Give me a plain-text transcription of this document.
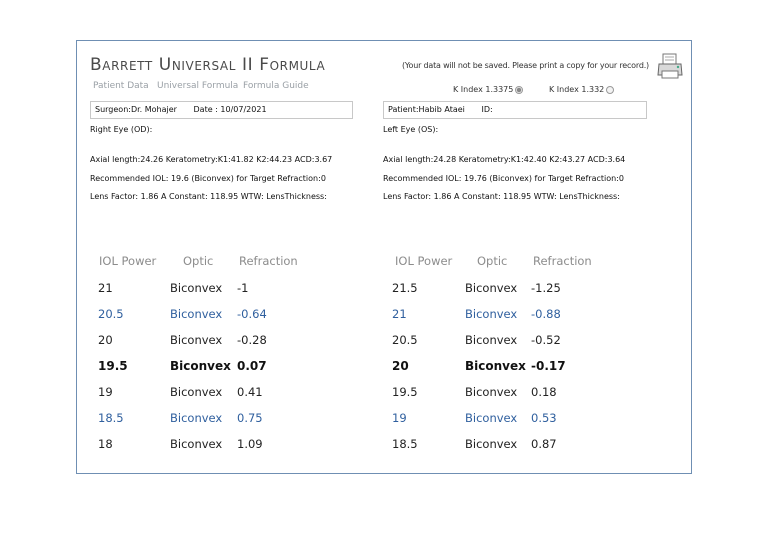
Barrett Universal II Formula
Patient Data Universal Formula Formula Guide
(Your data will not be saved. Please print a copy for your record.)
K Index 1.3375	K Index 1.332
Surgeon:Dr. Mohajer Date : 10/07/2021	Patient:Habib Ataei ID:
Right Eye (OD):
Axial length:24.26 Keratometry:K1:41.82 K2:44.23 ACD:3.67
Recommended IOL: 19.6 (Biconvex) for Target Refraction:0
Lens Factor: 1.86 A Constant: 118.95 WTW: LensThickness:
Left Eye (OS):
Axial length:24.28 Keratometry:K1:42.40 K2:43.27 ACD:3.64
Recommended IOL: 19.76 (Biconvex) for Target Refraction:0
Lens Factor: 1.86 A Constant: 118.95 WTW: LensThickness:
IOL Power Optic Refraction	IOL Power Optic Refraction
21	Biconvex -1
20.5	Biconvex -0.64
20	Biconvex -0.28
19.5	Biconvex 0.07
19	Biconvex 0.41
18.5	Biconvex 0.75
18	Biconvex 1.09
21.5	Biconvex -1.25
21	Biconvex -0.88
20.5	Biconvex -0.52
20	Biconvex -0.17
19.5	Biconvex 0.18
19	Biconvex 0.53
18.5	Biconvex 0.87
